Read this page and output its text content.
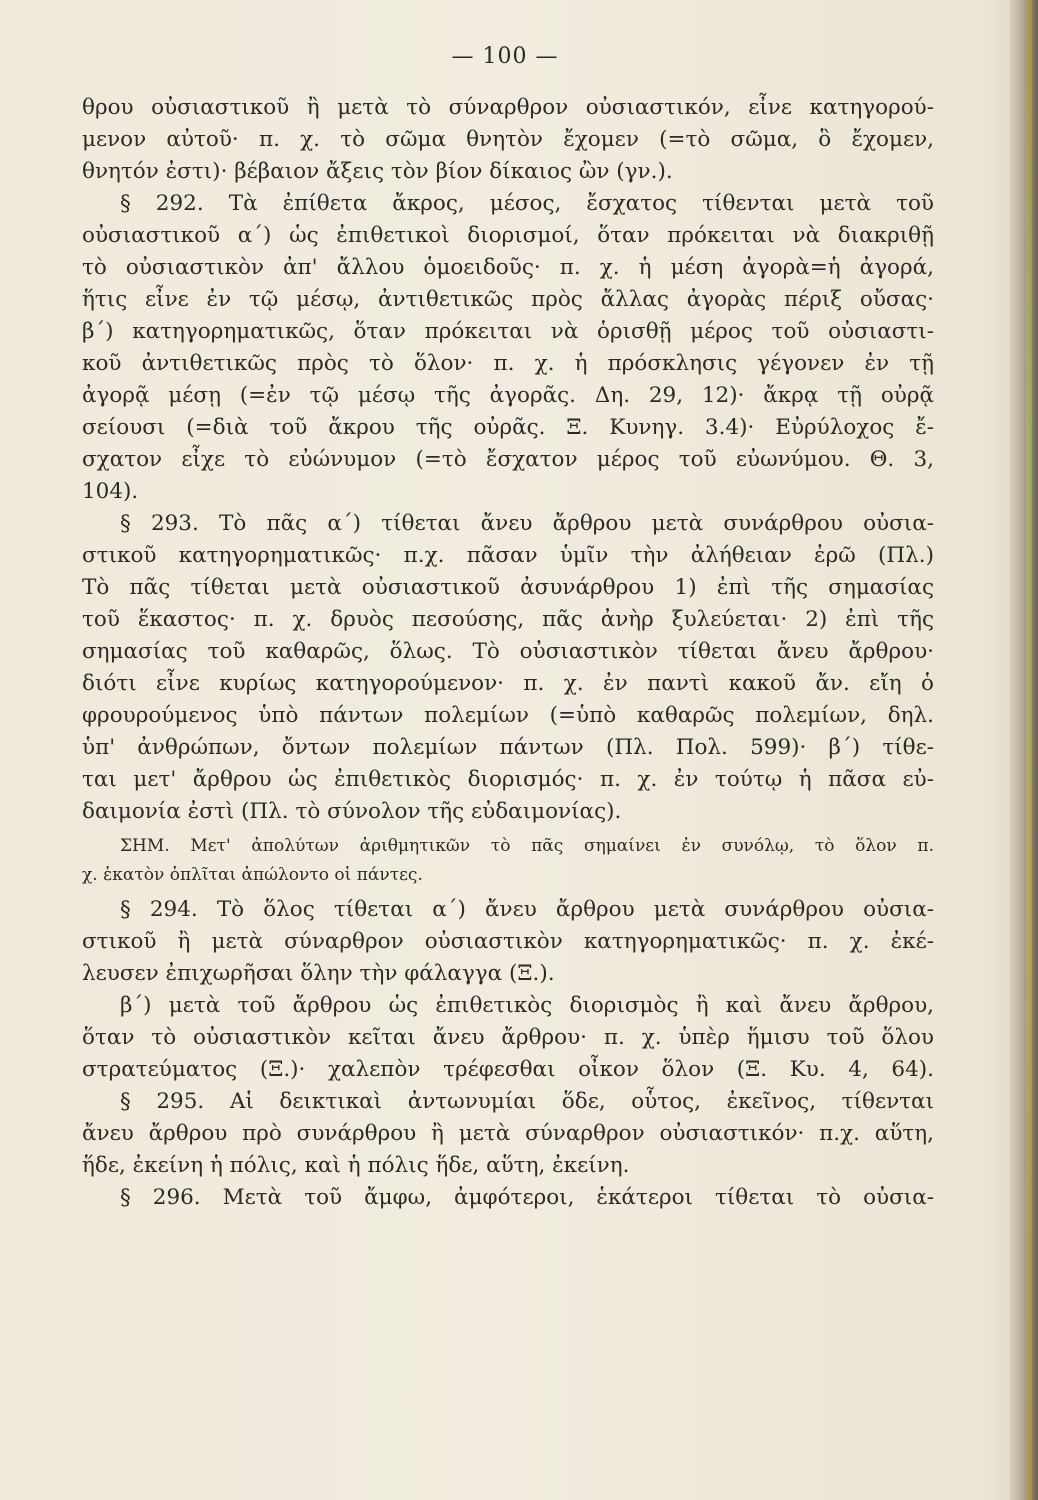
— 100 —
θρου οὐσιαστικοῦ ἢ μετὰ τὸ σύναρθρον οὐσιαστικόν, εἶνε κατηγορού-
μενον αὐτοῦ· π. χ. τὸ σῶμα θνητὸν ἔχομεν (=τὸ σῶμα, ὃ ἔχομεν,
θνητόν ἐστι)· βέβαιον ἄξεις τὸν βίον δίκαιος ὢν (γν.).
§ 292. Τὰ ἐπίθετα ἄκρος, μέσος, ἔσχατος τίθενται μετὰ τοῦ
οὐσιαστικοῦ α΄) ὡς ἐπιθετικοὶ διορισμοί, ὅταν πρόκειται νὰ διακριθῇ
τὸ οὐσιαστικὸν ἀπ' ἄλλου ὁμοειδοῦς· π. χ. ἡ μέση ἀγορὰ=ἡ ἀγορά,
ἥτις εἶνε ἐν τῷ μέσῳ, ἀντιθετικῶς πρὸς ἄλλας ἀγορὰς πέριξ οὔσας·
β΄) κατηγορηματικῶς, ὅταν πρόκειται νὰ ὁρισθῇ μέρος τοῦ οὐσιαστι-
κοῦ ἀντιθετικῶς πρὸς τὸ ὅλον· π. χ. ἡ πρόσκλησις γέγονεν ἐν τῇ
ἀγορᾷ μέσῃ (=ἐν τῷ μέσῳ τῆς ἀγορᾶς. Δη. 29, 12)· ἄκρᾳ τῇ οὐρᾷ
σείουσι (=διὰ τοῦ ἄκρου τῆς οὐρᾶς. Ξ. Κυνηγ. 3.4)· Εὐρύλοχος ἔ-
σχατον εἶχε τὸ εὐώνυμον (=τὸ ἔσχατον μέρος τοῦ εὐωνύμου. Θ. 3,
104).
§ 293. Τὸ πᾶς α΄) τίθεται ἄνευ ἄρθρου μετὰ συνάρθρου οὐσια-
στικοῦ κατηγορηματικῶς· π.χ. πᾶσαν ὑμῖν τὴν ἀλήθειαν ἐρῶ (Πλ.)
Τὸ πᾶς τίθεται μετὰ οὐσιαστικοῦ ἀσυνάρθρου 1) ἐπὶ τῆς σημασίας
τοῦ ἕκαστος· π. χ. δρυὸς πεσούσης, πᾶς ἀνὴρ ξυλεύεται· 2) ἐπὶ τῆς
σημασίας τοῦ καθαρῶς, ὅλως. Τὸ οὐσιαστικὸν τίθεται ἄνευ ἄρθρου·
διότι εἶνε κυρίως κατηγορούμενον· π. χ. ἐν παντὶ κακοῦ ἄν. εἴη ὁ
φρουρούμενος ὑπὸ πάντων πολεμίων (=ὑπὸ καθαρῶς πολεμίων, δηλ.
ὑπ' ἀνθρώπων, ὄντων πολεμίων πάντων (Πλ. Πολ. 599)· β΄) τίθε-
ται μετ' ἄρθρου ὡς ἐπιθετικὸς διορισμός· π. χ. ἐν τούτῳ ἡ πᾶσα εὐ-
δαιμονία ἐστὶ (Πλ. τὸ σύνολον τῆς εὐδαιμονίας).
ΣΗΜ. Μετ' ἀπολύτων ἀριθμητικῶν τὸ πᾶς σημαίνει ἐν συνόλῳ, τὸ ὅλον π.
χ. ἑκατὸν ὁπλῖται ἀπώλοντο οἱ πάντες.
§ 294. Τὸ ὅλος τίθεται α΄) ἄνευ ἄρθρου μετὰ συνάρθρου οὐσια-
στικοῦ ἢ μετὰ σύναρθρον οὐσιαστικὸν κατηγορηματικῶς· π. χ. ἐκέ-
λευσεν ἐπιχωρῆσαι ὅλην τὴν φάλαγγα (Ξ.).
β΄) μετὰ τοῦ ἄρθρου ὡς ἐπιθετικὸς διορισμὸς ἢ καὶ ἄνευ ἄρθρου,
ὅταν τὸ οὐσιαστικὸν κεῖται ἄνευ ἄρθρου· π. χ. ὑπὲρ ἥμισυ τοῦ ὅλου
στρατεύματος (Ξ.)· χαλεπὸν τρέφεσθαι οἶκον ὅλον (Ξ. Κυ. 4, 64).
§ 295. Αἱ δεικτικαὶ ἀντωνυμίαι ὅδε, οὗτος, ἐκεῖνος, τίθενται
ἄνευ ἄρθρου πρὸ συνάρθρου ἢ μετὰ σύναρθρον οὐσιαστικόν· π.χ. αὕτη,
ἥδε, ἐκείνη ἡ πόλις, καὶ ἡ πόλις ἥδε, αὕτη, ἐκείνη.
§ 296. Μετὰ τοῦ ἄμφω, ἀμφότεροι, ἑκάτεροι τίθεται τὸ οὐσια-
